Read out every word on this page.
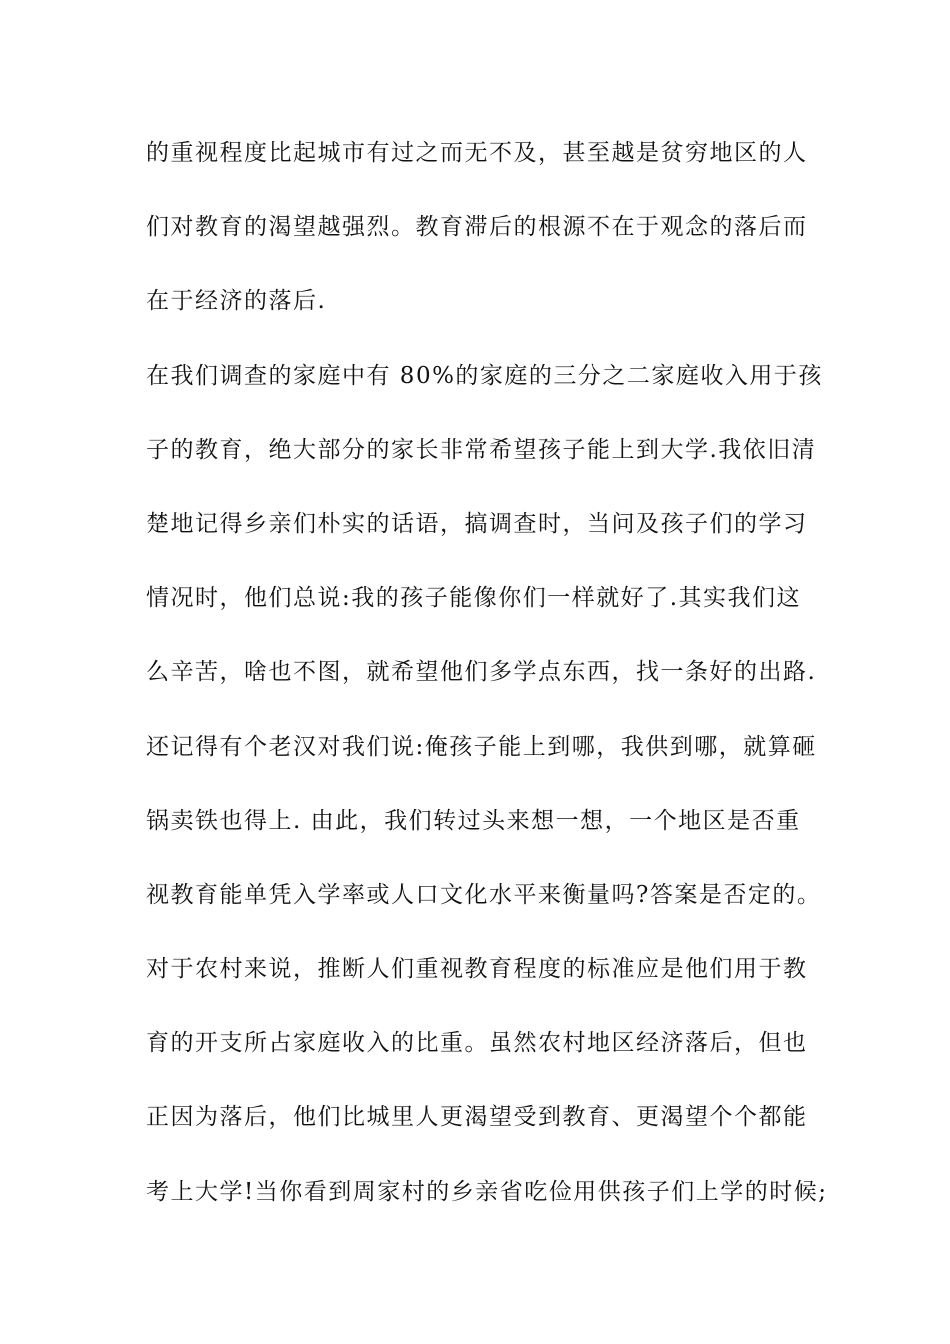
的重视程度比起城市有过之而无不及，甚至越是贫穷地区的人
们对教育的渴望越强烈。教育滞后的根源不在于观念的落后而
在于经济的落后.
在我们调查的家庭中有 80%的家庭的三分之二家庭收入用于孩
子的教育，绝大部分的家长非常希望孩子能上到大学.我依旧清
楚地记得乡亲们朴实的话语，搞调查时，当问及孩子们的学习
情况时，他们总说:我的孩子能像你们一样就好了.其实我们这
么辛苦，啥也不图，就希望他们多学点东西，找一条好的出路.
还记得有个老汉对我们说:俺孩子能上到哪，我供到哪，就算砸
锅卖铁也得上. 由此，我们转过头来想一想，一个地区是否重
视教育能单凭入学率或人口文化水平来衡量吗?答案是否定的。
对于农村来说，推断人们重视教育程度的标准应是他们用于教
育的开支所占家庭收入的比重。虽然农村地区经济落后，但也
正因为落后，他们比城里人更渴望受到教育、更渴望个个都能
考上大学!当你看到周家村的乡亲省吃俭用供孩子们上学的时候;
